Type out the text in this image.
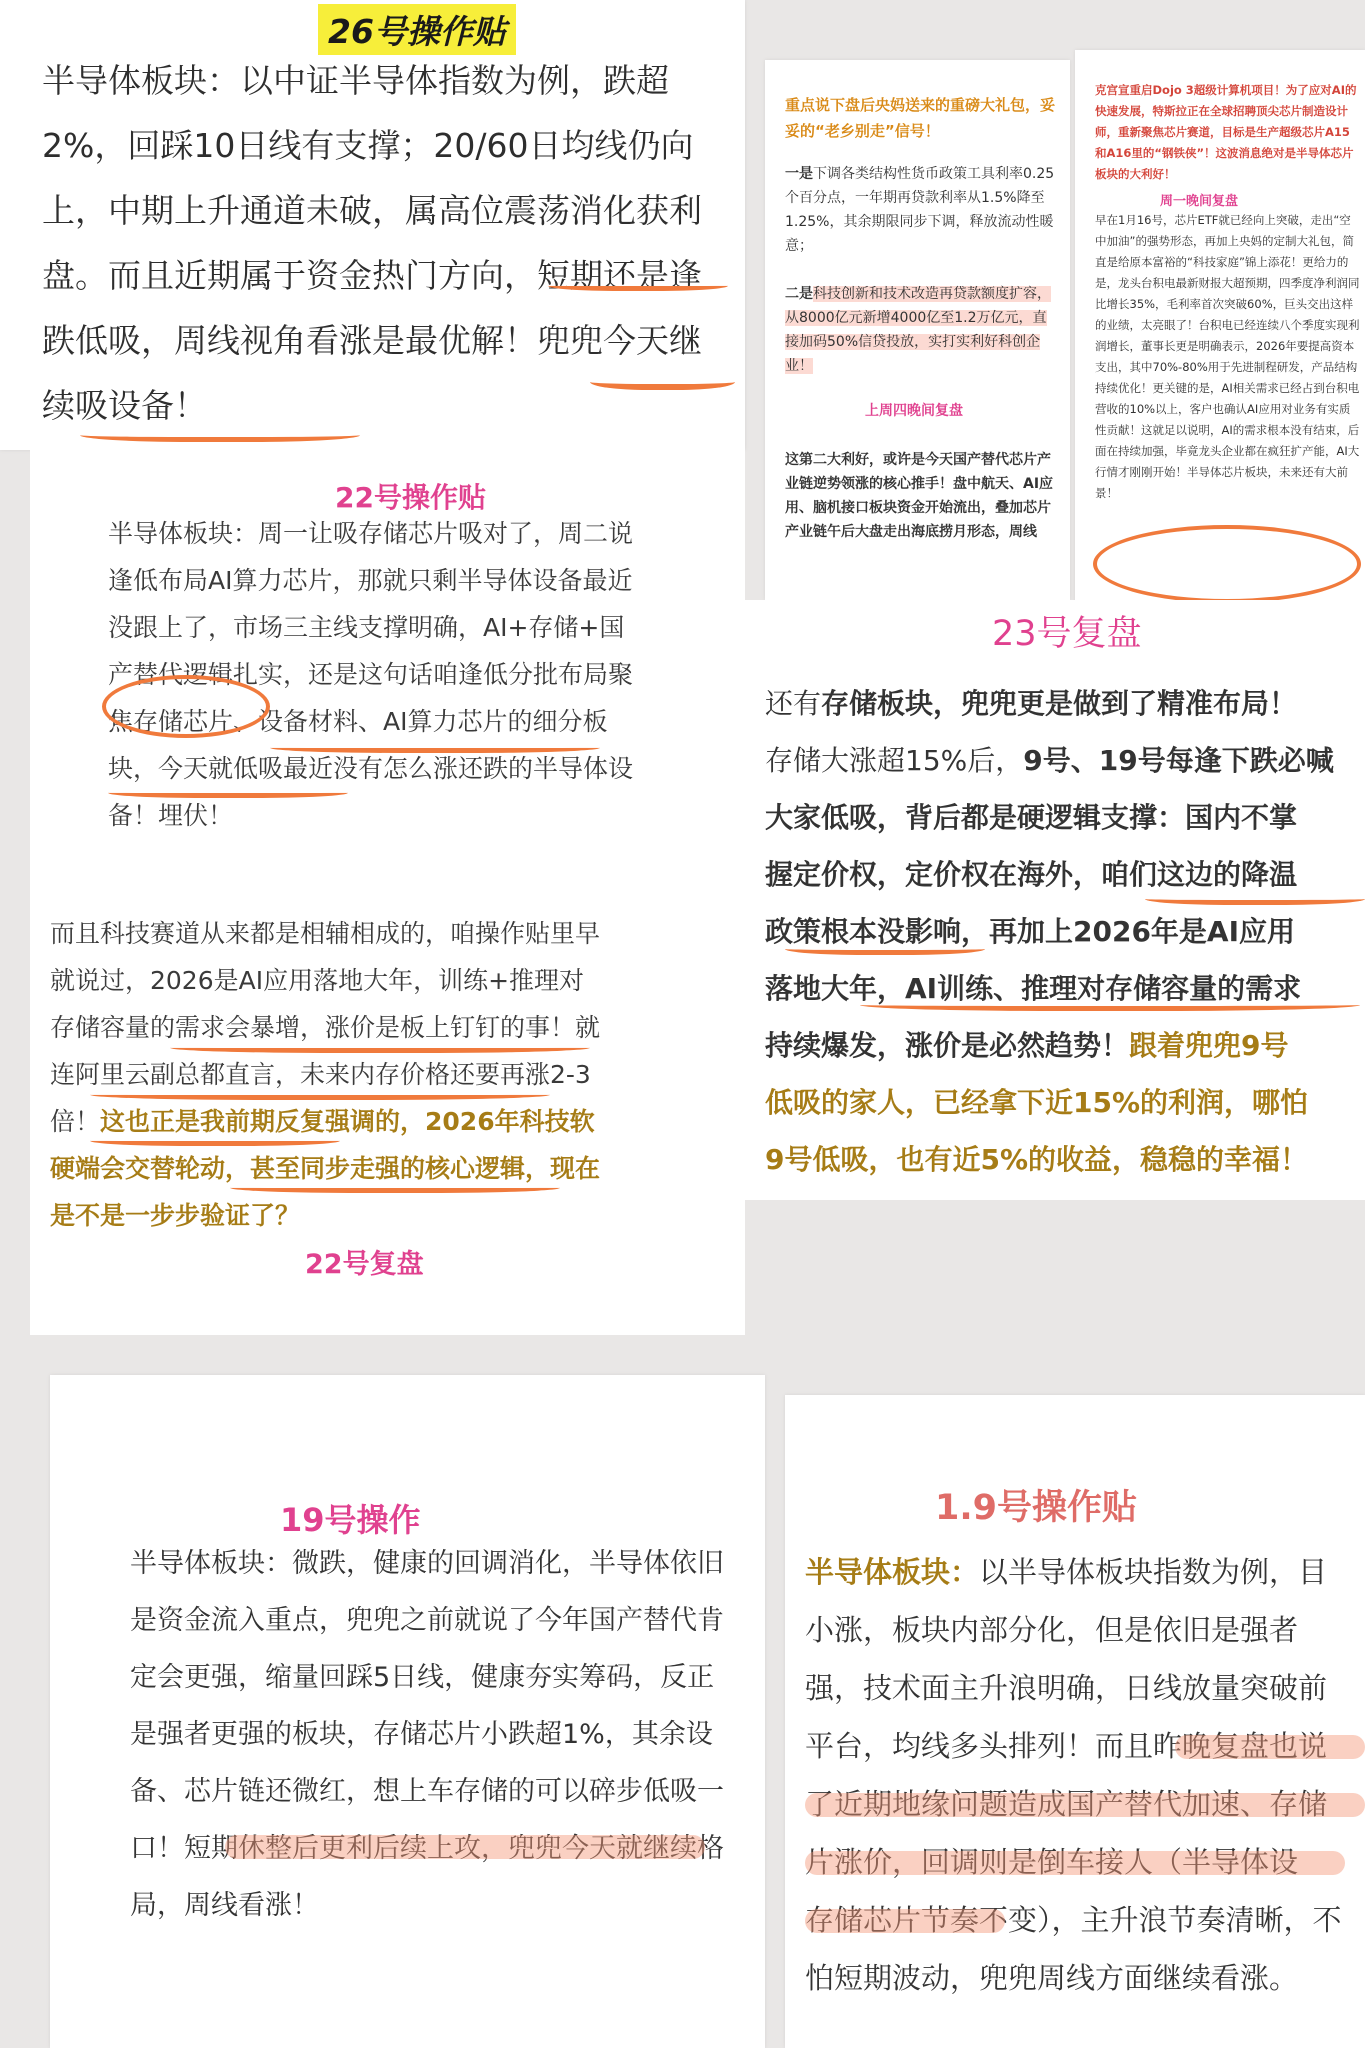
26号操作贴

半导体板块：以中证半导体指数为例，跌超2%，回踩10日线有支撑；20/60日均线仍向上，中期上升通道未破，属高位震荡消化获利盘。而且近期属于资金热门方向，短期还是逢跌低吸，周线视角看涨是最优解！兜兜今天继续吸设备！

22号操作贴

半导体板块：周一让吸存储芯片吸对了，周二说逢低布局AI算力芯片，那就只剩半导体设备最近没跟上了，市场三主线支撑明确，AI+存储+国产替代逻辑扎实，还是这句话咱逢低分批布局聚焦存储芯片、设备材料、AI算力芯片的细分板块，今天就低吸最近没有怎么涨还跌的半导体设备！埋伏！

而且科技赛道从来都是相辅相成的，咱操作贴里早就说过，2026是AI应用落地大年，训练+推理对存储容量的需求会暴增，涨价是板上钉钉的事！就连阿里云副总都直言，未来内存价格还要再涨2-3倍！这也正是我前期反复强调的，2026年科技软硬端会交替轮动，甚至同步走强的核心逻辑，现在是不是一步步验证了？

22号复盘

重点说下盘后央妈送来的重磅大礼包，妥妥的“老乡别走”信号！

一是下调各类结构性货币政策工具利率0.25个百分点，一年期再贷款利率从1.5%降至1.25%，其余期限同步下调，释放流动性暖意；

二是科技创新和技术改造再贷款额度扩容，从8000亿元新增4000亿至1.2万亿元，直接加码50%信贷投放，实打实利好科创企业！

上周四晚间复盘

这第二大利好，或许是今天国产替代芯片产业链逆势领涨的核心推手！盘中航天、AI应用、脑机接口板块资金开始流出，叠加芯片产业链午后大盘走出海底捞月形态，周线

克宫宣重启Dojo 3超级计算机项目！为了应对AI的快速发展，特斯拉正在全球招聘顶尖芯片制造设计师，重新聚焦芯片赛道，目标是生产超级芯片A15和A16里的“钢铁侠”！这波消息绝对是半导体芯片板块的大利好！

周一晚间复盘

早在1月16号，芯片ETF就已经向上突破，走出“空中加油”的强势形态，再加上央妈的定制大礼包，简直是给原本富裕的“科技家庭”锦上添花！更给力的是，龙头台积电最新财报大超预期，四季度净利润同比增长35%，毛利率首次突破60%，巨头交出这样的业绩，太亮眼了！台积电已经连续八个季度实现利润增长，董事长更是明确表示，2026年要提高资本支出，其中70%-80%用于先进制程研发，产品结构持续优化！更关键的是，AI相关需求已经占到台积电营收的10%以上，客户也确认AI应用对业务有实质性贡献！这就足以说明，AI的需求根本没有结束，后面在持续加强，毕竟龙头企业都在疯狂扩产能，AI大行情才刚刚开始！半导体芯片板块，未来还有大前景！

23号复盘
还有存储板块，兜兜更是做到了精准布局！
存储大涨超15%后，9号、19号每逢下跌必喊
大家低吸，背后都是硬逻辑支撑：国内不掌
握定价权，定价权在海外，咱们这边的降温
政策根本没影响，再加上2026年是AI应用
落地大年，AI训练、推理对存储容量的需求
持续爆发，涨价是必然趋势！跟着兜兜9号
低吸的家人，已经拿下近15%的利润，哪怕
9号低吸，也有近5%的收益，稳稳的幸福！
19号操作

半导体板块：微跌，健康的回调消化，半导体依旧是资金流入重点，兜兜之前就说了今年国产替代肯定会更强，缩量回踩5日线，健康夯实筹码，反正是强者更强的板块，存储芯片小跌超1%，其余设备、芯片链还微红，想上车存储的可以碎步低吸一口！短期休整后更利后续上攻，兜兜今天就继续格局，周线看涨！

1.9号操作贴
半导体板块：以半导体板块指数为例，目
小涨，板块内部分化，但是依旧是强者
强，技术面主升浪明确，日线放量突破前
平台，均线多头排列！而且昨晚复盘也说
了近期地缘问题造成国产替代加速、存储
片涨价，回调则是倒车接人（半导体设
存储芯片节奏不变），主升浪节奏清晰，不
怕短期波动，兜兜周线方面继续看涨。
